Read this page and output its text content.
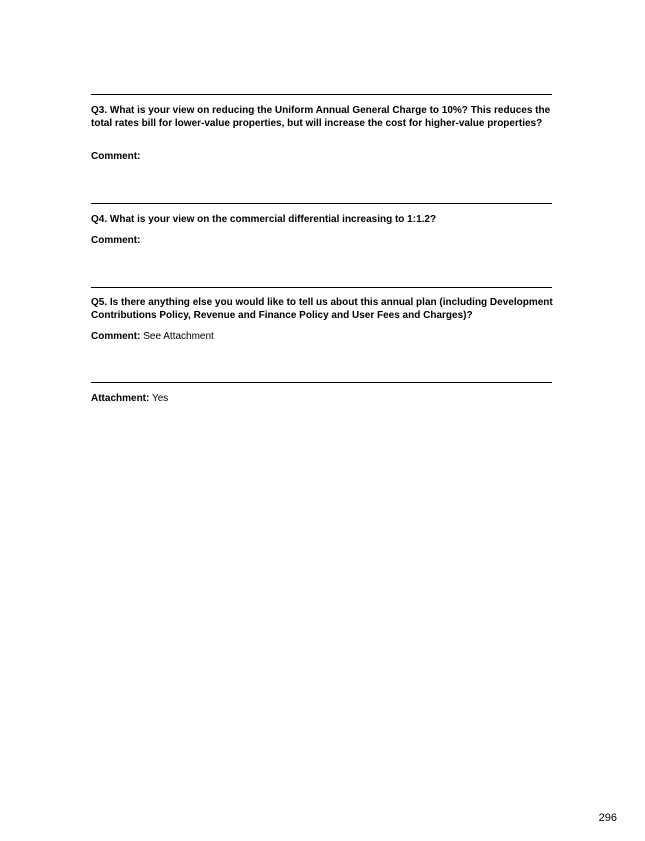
Q3. What is your view on reducing the Uniform Annual General Charge to 10%? This reduces the total rates bill for lower-value properties, but will increase the cost for higher-value properties?

Comment:

Q4. What is your view on the commercial differential increasing to 1:1.2?

Comment:

Q5. Is there anything else you would like to tell us about this annual plan (including Development Contributions Policy, Revenue and Finance Policy and User Fees and Charges)?

Comment: See Attachment

Attachment: Yes

296
